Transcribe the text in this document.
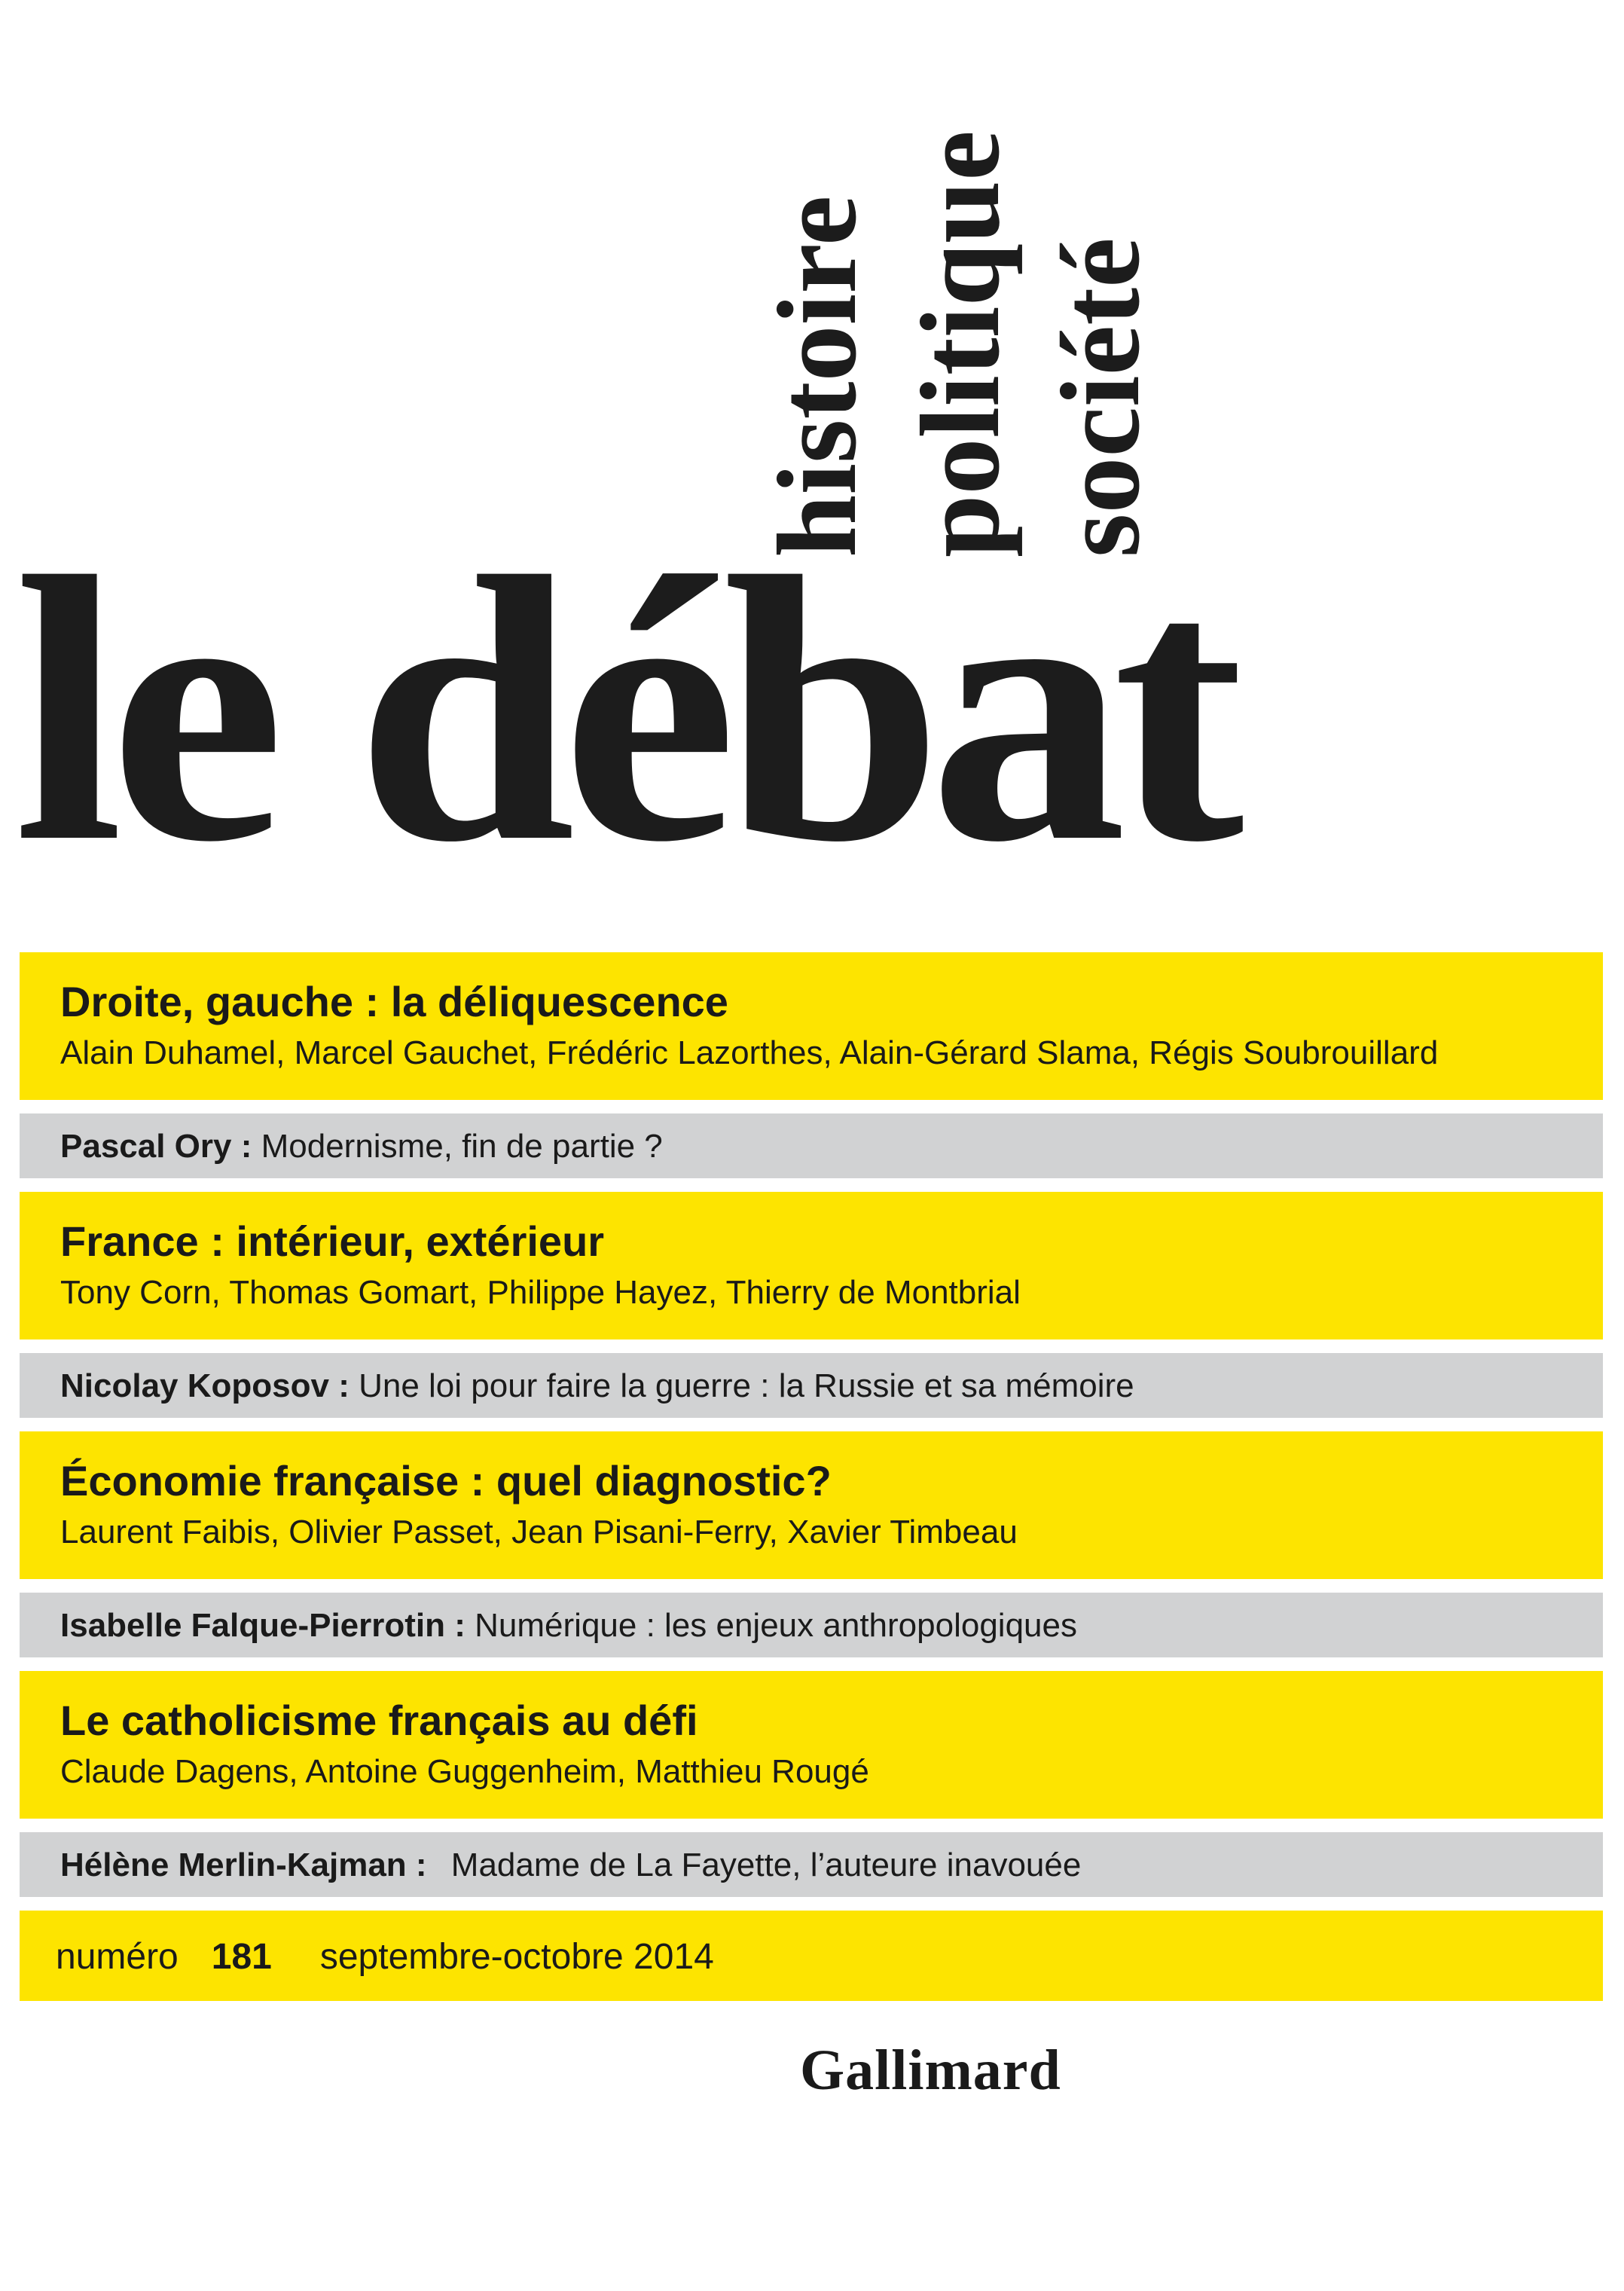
histoire politique société
le débat
Droite, gauche : la déliquescence
Alain Duhamel, Marcel Gauchet, Frédéric Lazorthes, Alain-Gérard Slama, Régis Soubrouillard
Pascal Ory : Modernisme, fin de partie ?
France : intérieur, extérieur
Tony Corn, Thomas Gomart, Philippe Hayez, Thierry de Montbrial
Nicolay Koposov : Une loi pour faire la guerre : la Russie et sa mémoire
Économie française : quel diagnostic?
Laurent Faibis, Olivier Passet, Jean Pisani-Ferry, Xavier Timbeau
Isabelle Falque-Pierrotin : Numérique : les enjeux anthropologiques
Le catholicisme français au défi
Claude Dagens, Antoine Guggenheim, Matthieu Rougé
Hélène Merlin-Kajman : Madame de La Fayette, l’auteure inavouée
numéro 181 septembre-octobre 2014
Gallimard
